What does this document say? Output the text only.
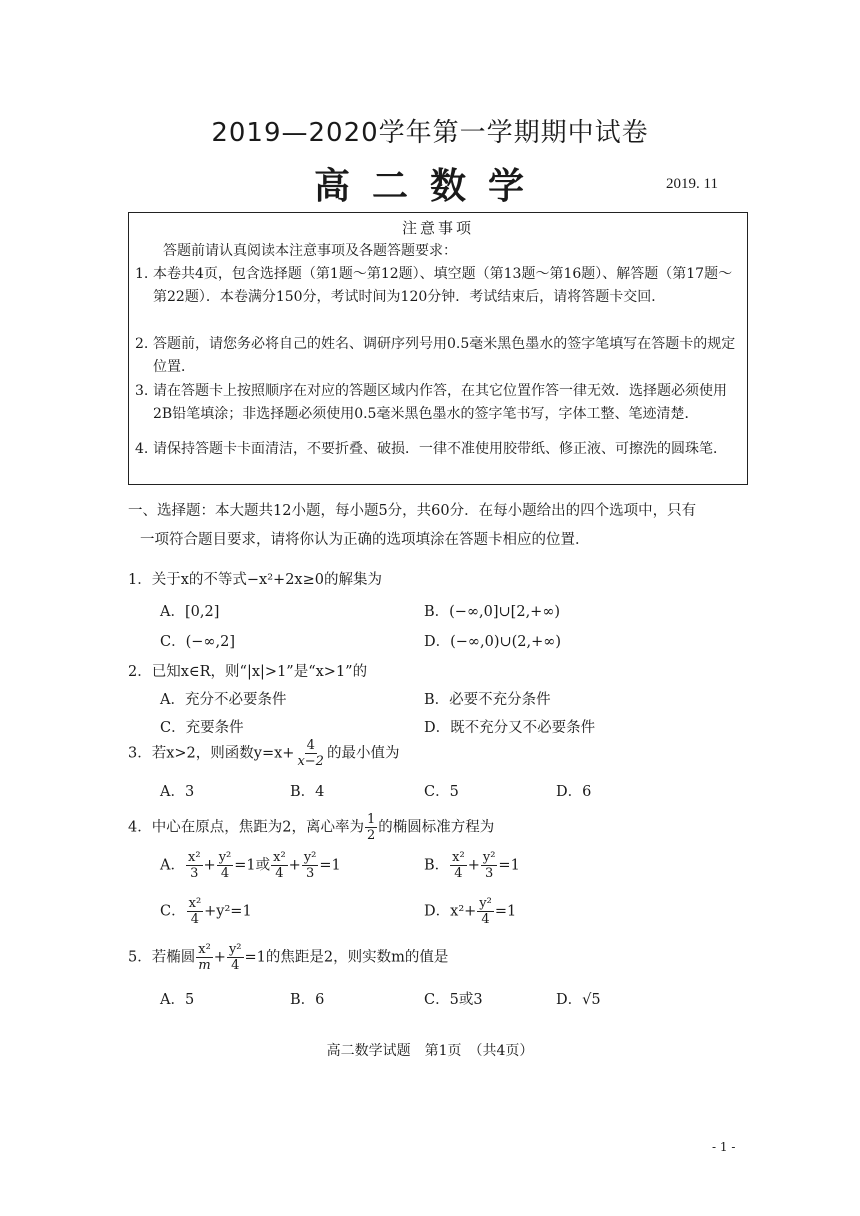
2019—2020学年第一学期期中试卷
高二数学	2019. 11
注意事项
答题前请认真阅读本注意事项及各题答题要求：
1. 本卷共4页，包含选择题（第1题～第12题）、填空题（第13题～第16题）、解答题（第17题～第22题）．本卷满分150分，考试时间为120分钟．考试结束后，请将答题卡交回．
2. 答题前，请您务必将自己的姓名、调研序列号用0.5毫米黑色墨水的签字笔填写在答题卡的规定位置．
3. 请在答题卡上按照顺序在对应的答题区域内作答，在其它位置作答一律无效．选择题必须使用2B铅笔填涂；非选择题必须使用0.5毫米黑色墨水的签字笔书写，字体工整、笔迹清楚．
4. 请保持答题卡卡面清洁，不要折叠、破损．一律不准使用胶带纸、修正液、可擦洗的圆珠笔．
一、选择题：本大题共12小题，每小题5分，共60分．在每小题给出的四个选项中，只有
一项符合题目要求，请将你认为正确的选项填涂在答题卡相应的位置．
1．关于x的不等式−x²+2x≥0的解集为
A．[0,2]	B．(−∞,0]∪[2,+∞)
C．(−∞,2]	D．(−∞,0)∪(2,+∞)
2．已知x∈R，则“|x|>1”是“x>1”的
A．充分不必要条件	B．必要不充分条件
C．充要条件	D．既不充分又不必要条件
3．若x>2，则函数$y=x+ \frac{4}{x-2}$ 的最小值为
A．3	B．4	C．5	D．6
4．中心在原点，焦距为2，离心率为 $\frac{1}{2}$ 的椭圆标准方程为
A． $\frac{\text{x²}}{3} + \frac{\text{y²}}{4} =1$或 $\frac{\text{x²}}{4} + \frac{\text{y²}}{3} =1$	B． $\frac{\text{x²}}{4} + \frac{\text{y²}}{3} =1$
C． $\frac{\text{x²}}{4} +y^2=1$	D．$x^2+ \frac{\text{y²}}{4} =1$
5．若椭圆 $\frac{\text{x²}}{m} + \frac{\text{y²}}{4} =1$的焦距是2，则实数m的值是
A．5	B．6	C．5或3	D．√5
高二数学试题　第1页　（共4页）
- 1 -
